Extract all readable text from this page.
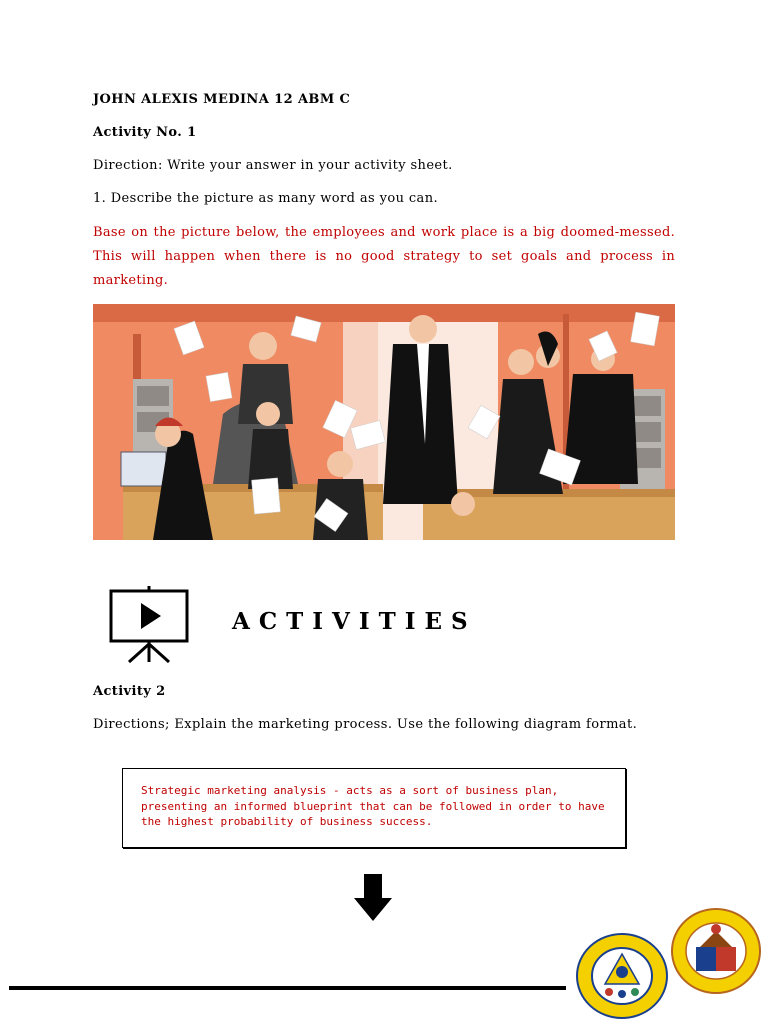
JOHN ALEXIS MEDINA 12 ABM C
Activity No. 1
Direction: Write your answer in your activity sheet.
1. Describe the picture as many word as you can.
Base on the picture below, the employees and work place is a big doomed-messed. This will happen when there is no good strategy to set goals and process in marketing.
ACTIVITIES
Activity 2
Directions; Explain the marketing process. Use the following diagram format.
Strategic marketing analysis - acts as a sort of business plan, presenting an informed blueprint that can be followed in order to have the highest probability of business success.
